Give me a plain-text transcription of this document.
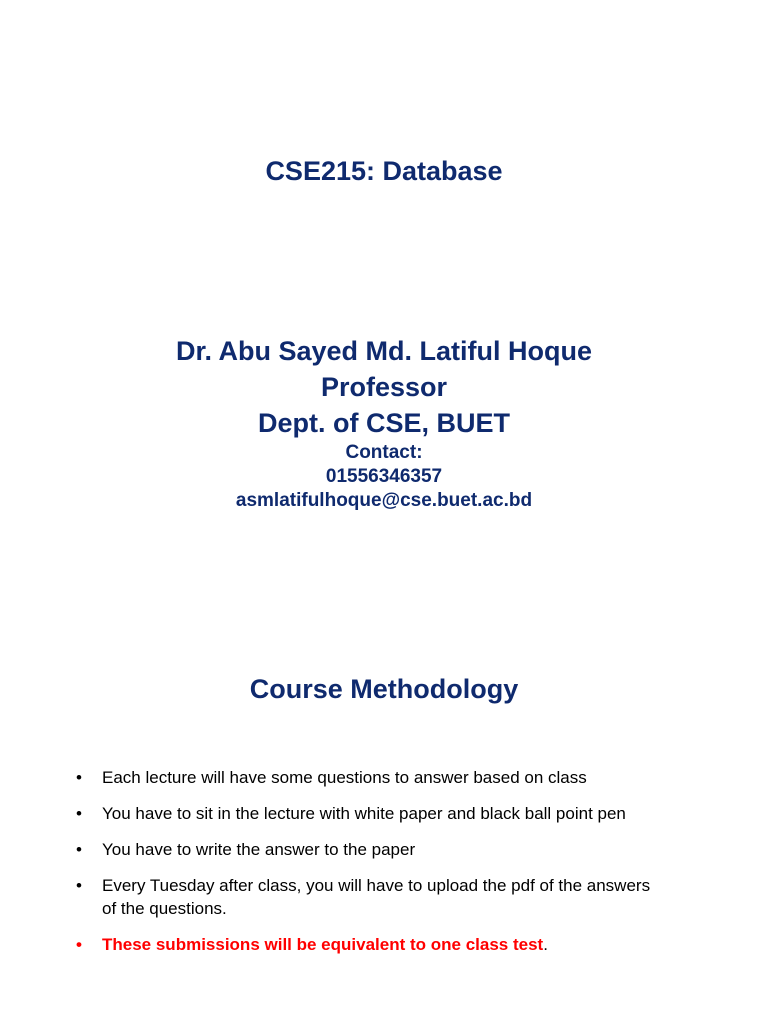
CSE215: Database
Dr. Abu Sayed Md. Latiful Hoque
Professor
Dept. of CSE, BUET
Contact:
01556346357
asmlatifulhoque@cse.buet.ac.bd
Course Methodology
• Each lecture will have some questions to answer based on class
• You have to sit in the lecture with white paper and black ball point pen
• You have to write the answer to the paper
• Every Tuesday after class, you will have to upload the pdf of the answers of the questions.
• These submissions will be equivalent to one class test.
